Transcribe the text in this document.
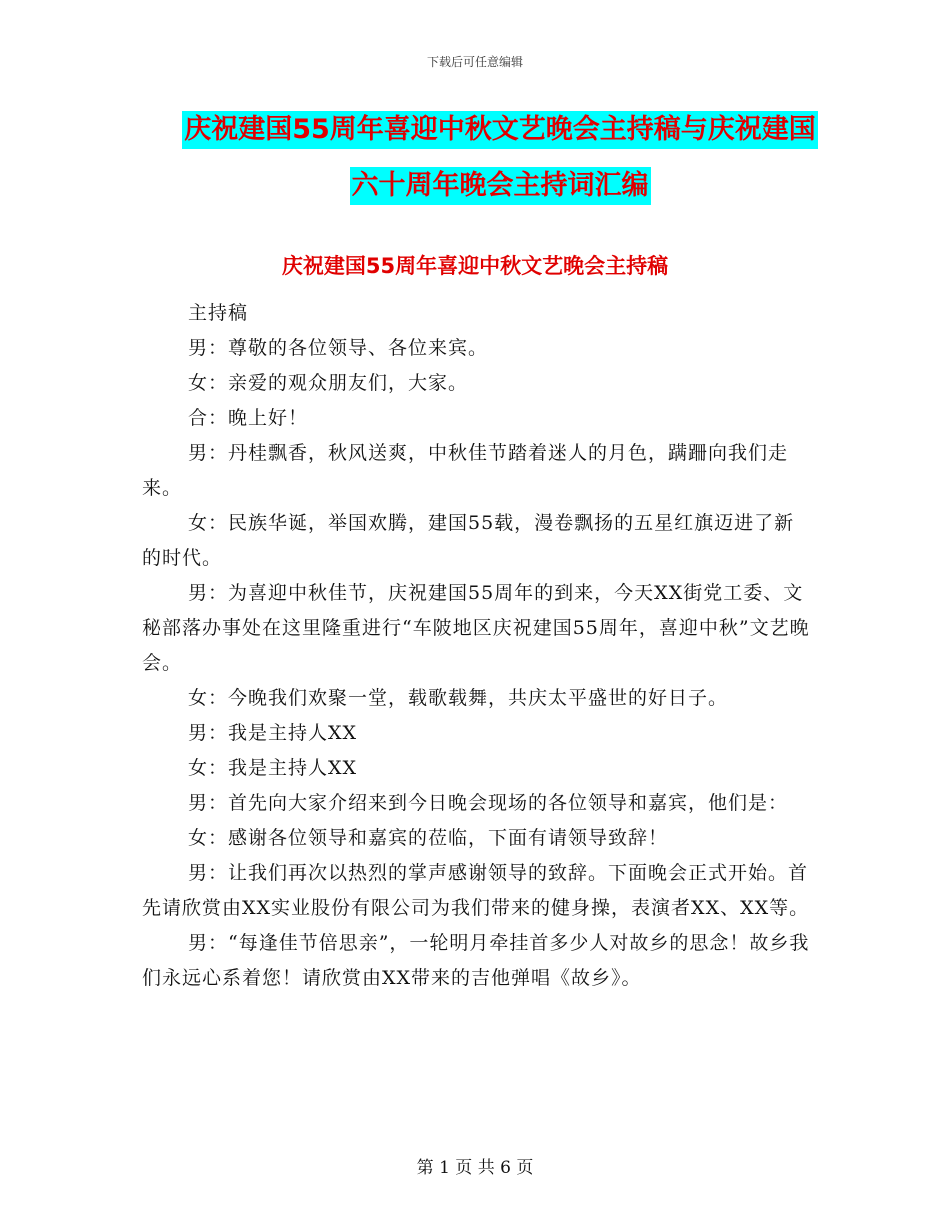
下载后可任意编辑
庆祝建国55周年喜迎中秋文艺晚会主持稿与庆祝建国
六十周年晚会主持词汇编
庆祝建国55周年喜迎中秋文艺晚会主持稿

主持稿

男：尊敬的各位领导、各位来宾。

女：亲爱的观众朋友们，大家。

合：晚上好！

男：丹桂飘香，秋风送爽，中秋佳节踏着迷人的月色，蹒跚向我们走来。

女：民族华诞，举国欢腾，建国55载，漫卷飘扬的五星红旗迈进了新的时代。

男：为喜迎中秋佳节，庆祝建国55周年的到来，今天XX街党工委、文秘部落办事处在这里隆重进行“车陂地区庆祝建国55周年，喜迎中秋”文艺晚会。

女：今晚我们欢聚一堂，载歌载舞，共庆太平盛世的好日子。

男：我是主持人XX

女：我是主持人XX

男：首先向大家介绍来到今日晚会现场的各位领导和嘉宾，他们是：

女：感谢各位领导和嘉宾的莅临，下面有请领导致辞！

男：让我们再次以热烈的掌声感谢领导的致辞。下面晚会正式开始。首先请欣赏由XX实业股份有限公司为我们带来的健身操，表演者XX、XX等。

男：“每逢佳节倍思亲”，一轮明月牵挂首多少人对故乡的思念！故乡我们永远心系着您！请欣赏由XX带来的吉他弹唱《故乡》。

第 1 页 共 6 页
